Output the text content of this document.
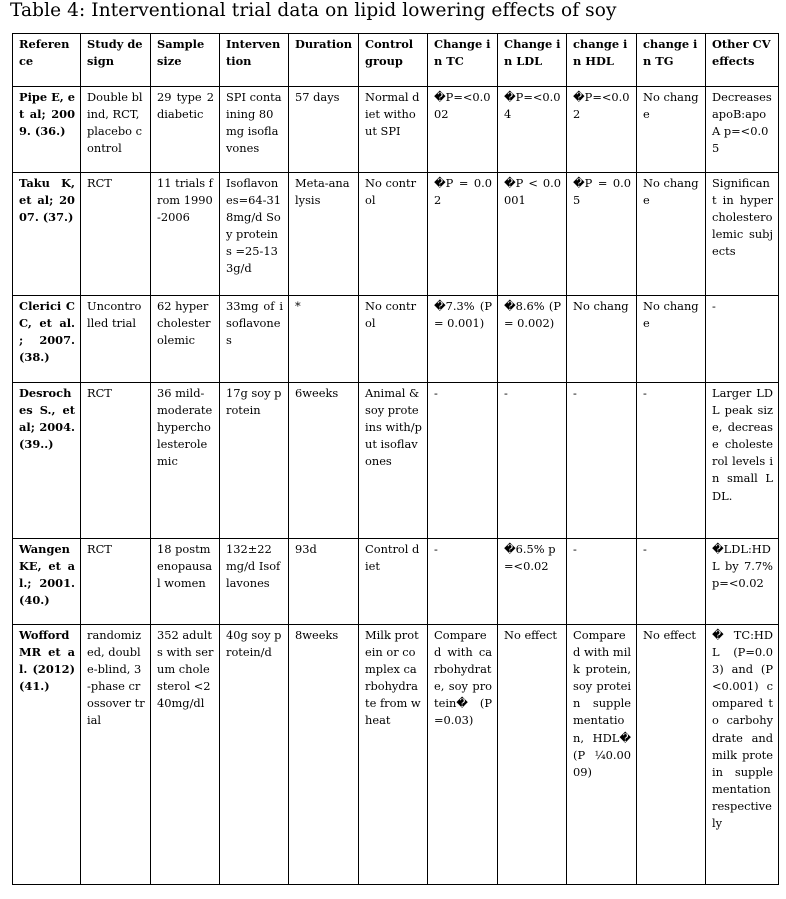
Table 4: Interventional trial data on lipid lowering effects of soy
Reference	Study design	Sample size	Intervention	Duration	Control group	Change in TC	Change in LDL	change in HDL	change in TG	Other CV effects
Pipe E, et al; 2009. (36.)	Double blind, RCT, placebo control	29 type 2 diabetic	SPI containing 80mg isoflavones	57 days	Normal diet without SPI	�P=<0.002	�P=<0.04	�P=<0.02	No change	Decreases apoB:apoA p=<0.05
Taku K, et al; 2007. (37.)	RCT	11 trials from 1990-2006	Isoflavones=64-318mg/d Soy proteins =25-133g/d	Meta-analysis	No control	�P = 0.02	�P < 0.0001	�P = 0.05	No change	Significant in hypercholesterolemic subjects
Clerici CC, et al. ; 2007. (38.)	Uncontrolled trial	62 hypercholesterolemic	33mg of isoflavones	*	No control	�7.3% (P = 0.001)	�8.6% (P = 0.002)	No chang	No change	-
Desroches S., et al; 2004. (39..)	RCT	36 mild-moderate hypercholesterolemic	17g soy protein	6weeks	Animal & soy proteins with/put isoflavones	-	-	-	-	Larger LDL peak size, decrease cholesterol levels in small LDL.
Wangen KE, et al.; 2001. (40.)	RCT	18 postmenopausal women	132±22 mg/d Isoflavones	93d	Control diet	-	�6.5% p=<0.02	-	-	�LDL:HDL by 7.7% p=<0.02
Wofford MR et al. (2012) (41.)	randomized, double-blind, 3-phase crossover trial	352 adults with serum cholesterol <240mg/dl	40g soy protein/d	8weeks	Milk protein or complex carbohydrate from wheat	Compared with carbohydrate, soy protein� (P=0.03)	No effect	Compared with milk protein, soy protein supplementation, HDL� (P ¼0.0009)	No effect	� TC:HDL (P=0.03) and (P <0.001) compared to carbohydrate and milk protein supplementation respectively
